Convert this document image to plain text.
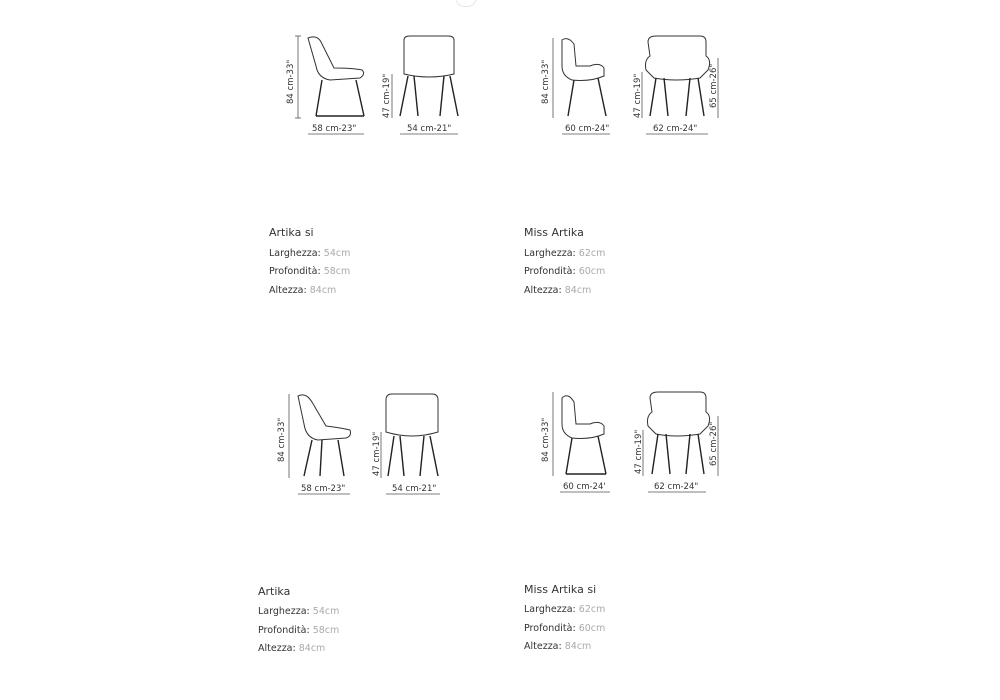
84 cm-33"
58 cm-23"
47 cm-19"
54 cm-21"
Artika si
Larghezza: 54cm
Profondità: 58cm
Altezza: 84cm
84 cm-33"
60 cm-24"
47 cm-19"	65 cm-26"
62 cm-24"
Miss Artika
Larghezza: 62cm
Profondità: 60cm
Altezza: 84cm
84 cm-33"
58 cm-23"
47 cm-19"
54 cm-21"
Artika
Larghezza: 54cm
Profondità: 58cm
Altezza: 84cm
84 cm-33"
60 cm-24'
47 cm-19"	65 cm-26"
62 cm-24"
Miss Artika si
Larghezza: 62cm
Profondità: 60cm
Altezza: 84cm
